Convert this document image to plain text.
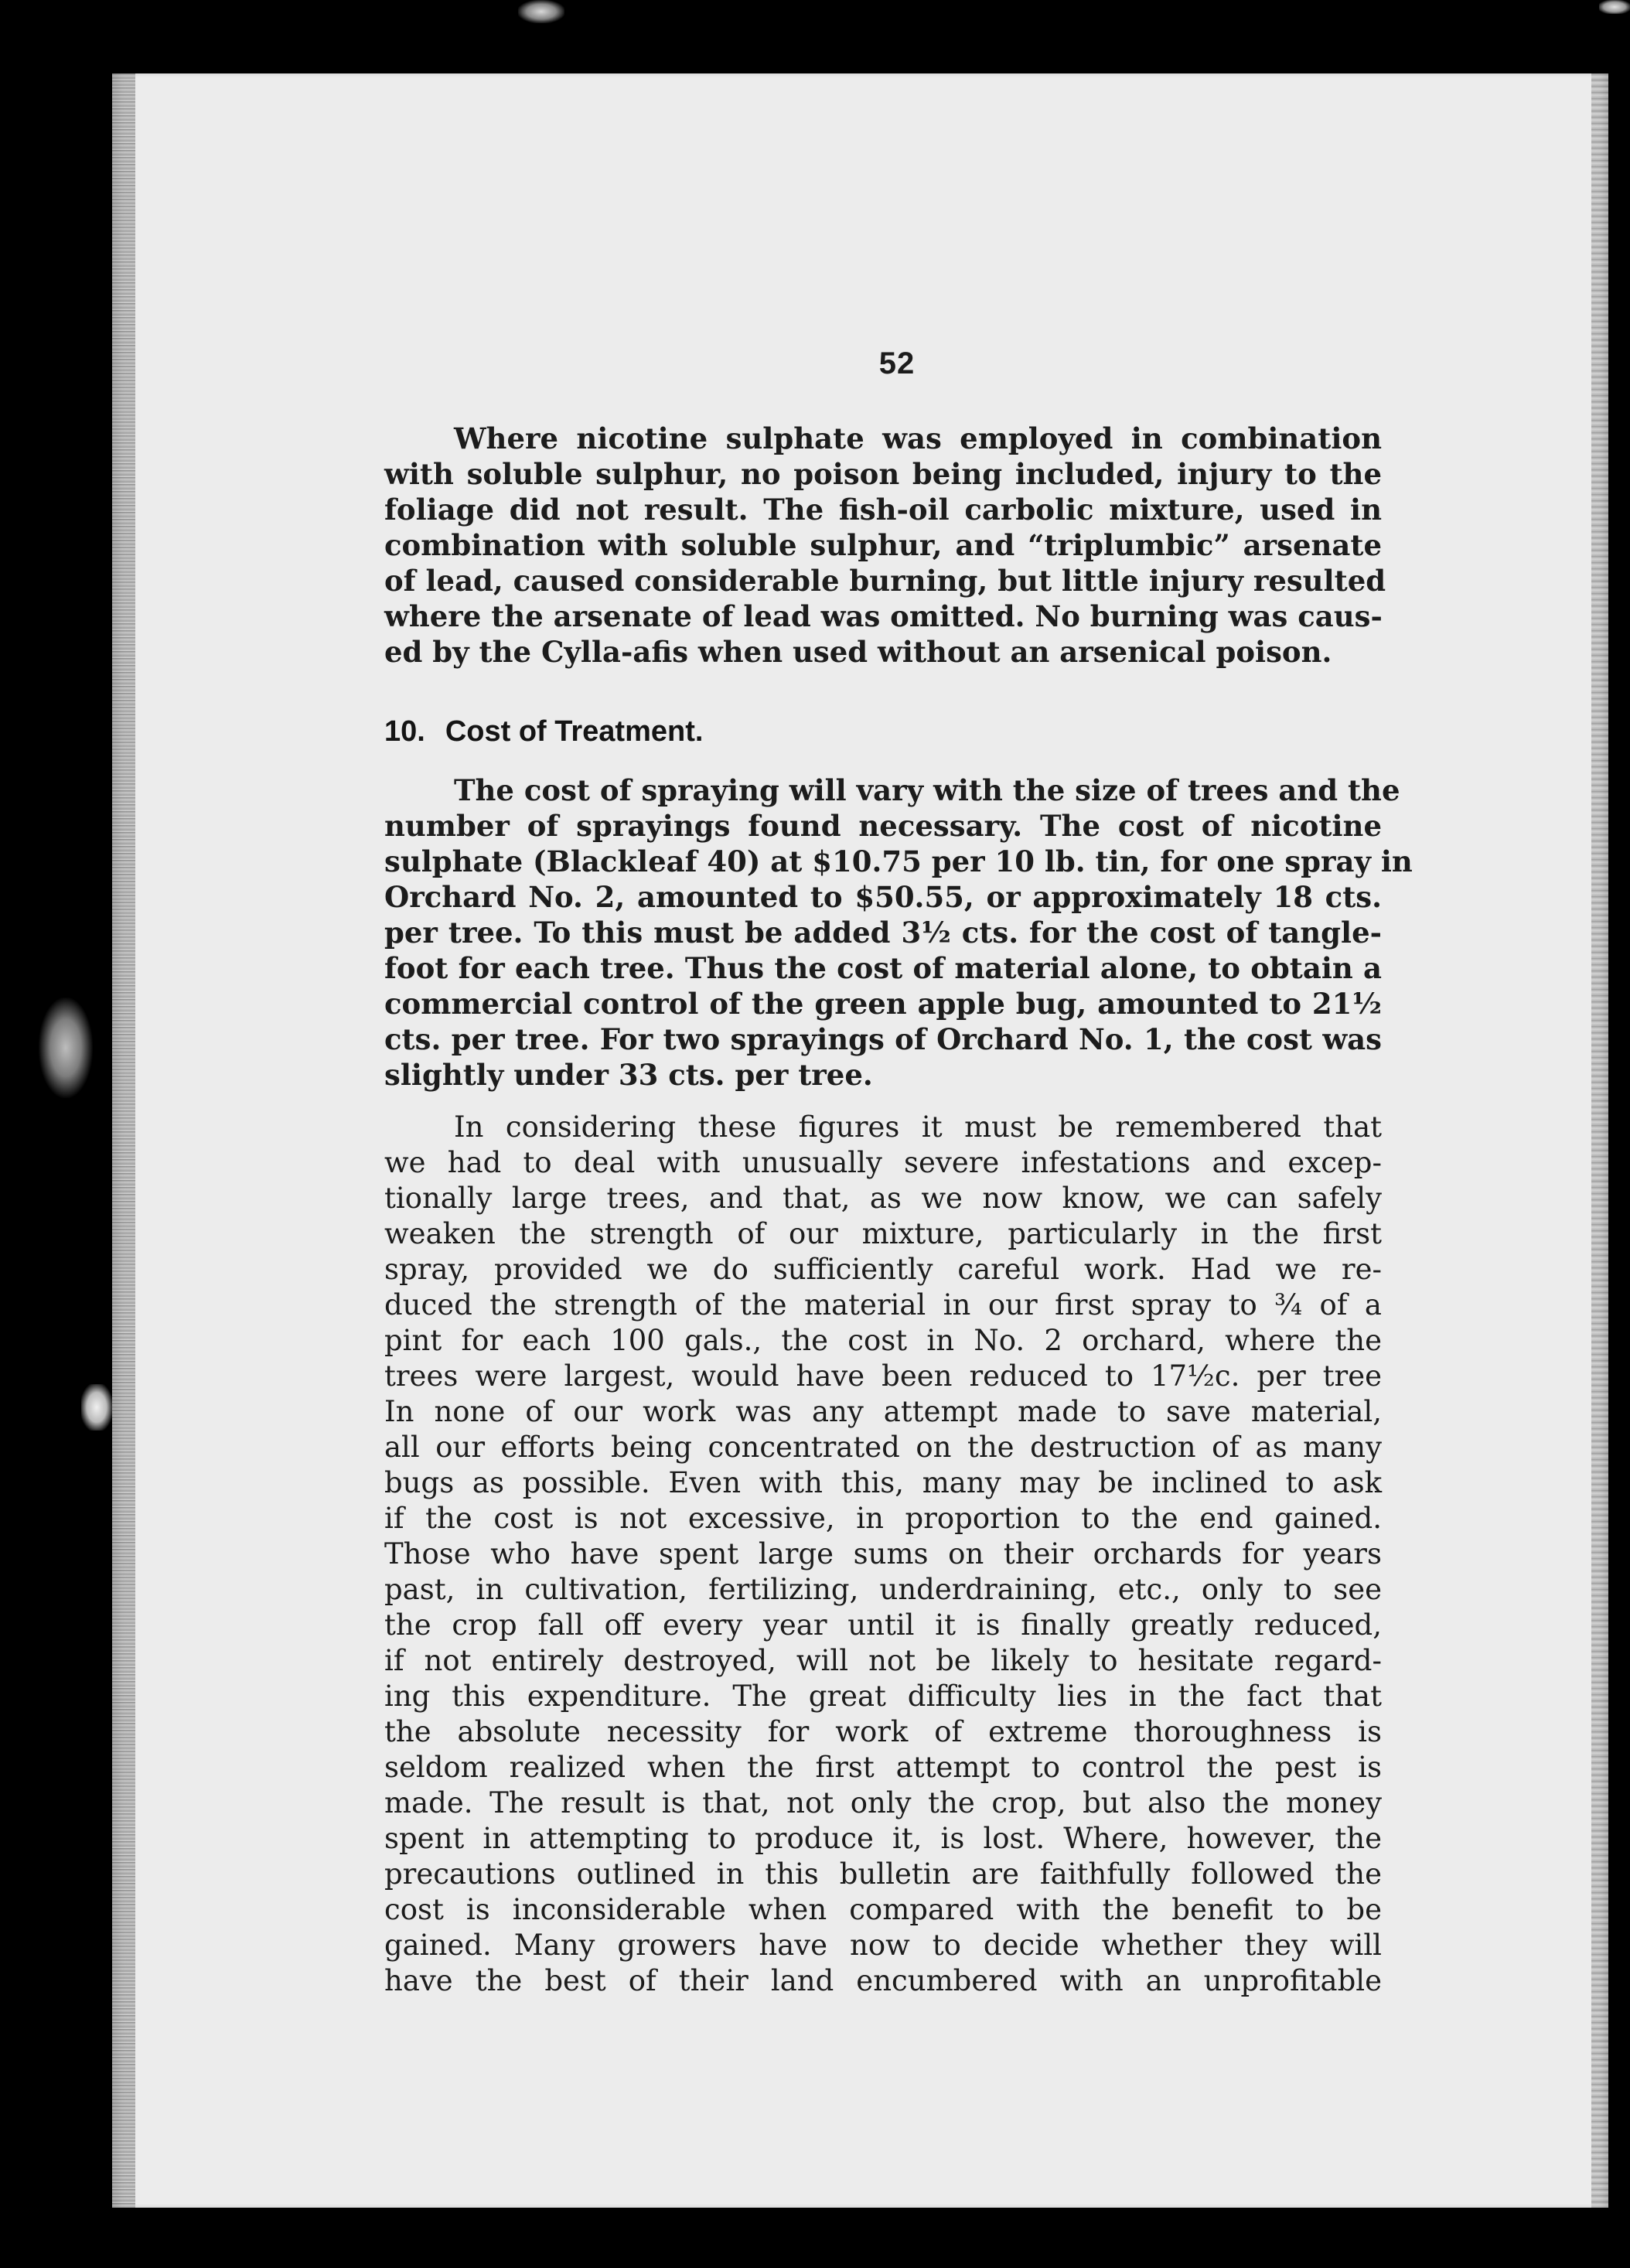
52
Where nicotine sulphate was employed in combination
with soluble sulphur, no poison being included, injury to the
foliage did not result. The fish-oil carbolic mixture, used in
combination with soluble sulphur, and “triplumbic” arsenate
of lead, caused considerable burning, but little injury resulted
where the arsenate of lead was omitted. No burning was caus-
ed by the Cylla-afis when used without an arsenical poison.
10. Cost of Treatment.
The cost of spraying will vary with the size of trees and the
number of sprayings found necessary. The cost of nicotine
sulphate (Blackleaf 40) at $10.75 per 10 lb. tin, for one spray in
Orchard No. 2, amounted to $50.55, or approximately 18 cts.
per tree. To this must be added 3½ cts. for the cost of tangle-
foot for each tree. Thus the cost of material alone, to obtain a
commercial control of the green apple bug, amounted to 21½
cts. per tree. For two sprayings of Orchard No. 1, the cost was
slightly under 33 cts. per tree.
In considering these figures it must be remembered that
we had to deal with unusually severe infestations and excep-
tionally large trees, and that, as we now know, we can safely
weaken the strength of our mixture, particularly in the first
spray, provided we do sufficiently careful work. Had we re-
duced the strength of the material in our first spray to ¾ of a
pint for each 100 gals., the cost in No. 2 orchard, where the
trees were largest, would have been reduced to 17½c. per tree
In none of our work was any attempt made to save material,
all our efforts being concentrated on the destruction of as many
bugs as possible. Even with this, many may be inclined to ask
if the cost is not excessive, in proportion to the end gained.
Those who have spent large sums on their orchards for years
past, in cultivation, fertilizing, underdraining, etc., only to see
the crop fall off every year until it is finally greatly reduced,
if not entirely destroyed, will not be likely to hesitate regard-
ing this expenditure. The great difficulty lies in the fact that
the absolute necessity for work of extreme thoroughness is
seldom realized when the first attempt to control the pest is
made. The result is that, not only the crop, but also the money
spent in attempting to produce it, is lost. Where, however, the
precautions outlined in this bulletin are faithfully followed the
cost is inconsiderable when compared with the benefit to be
gained. Many growers have now to decide whether they will
have the best of their land encumbered with an unprofitable
